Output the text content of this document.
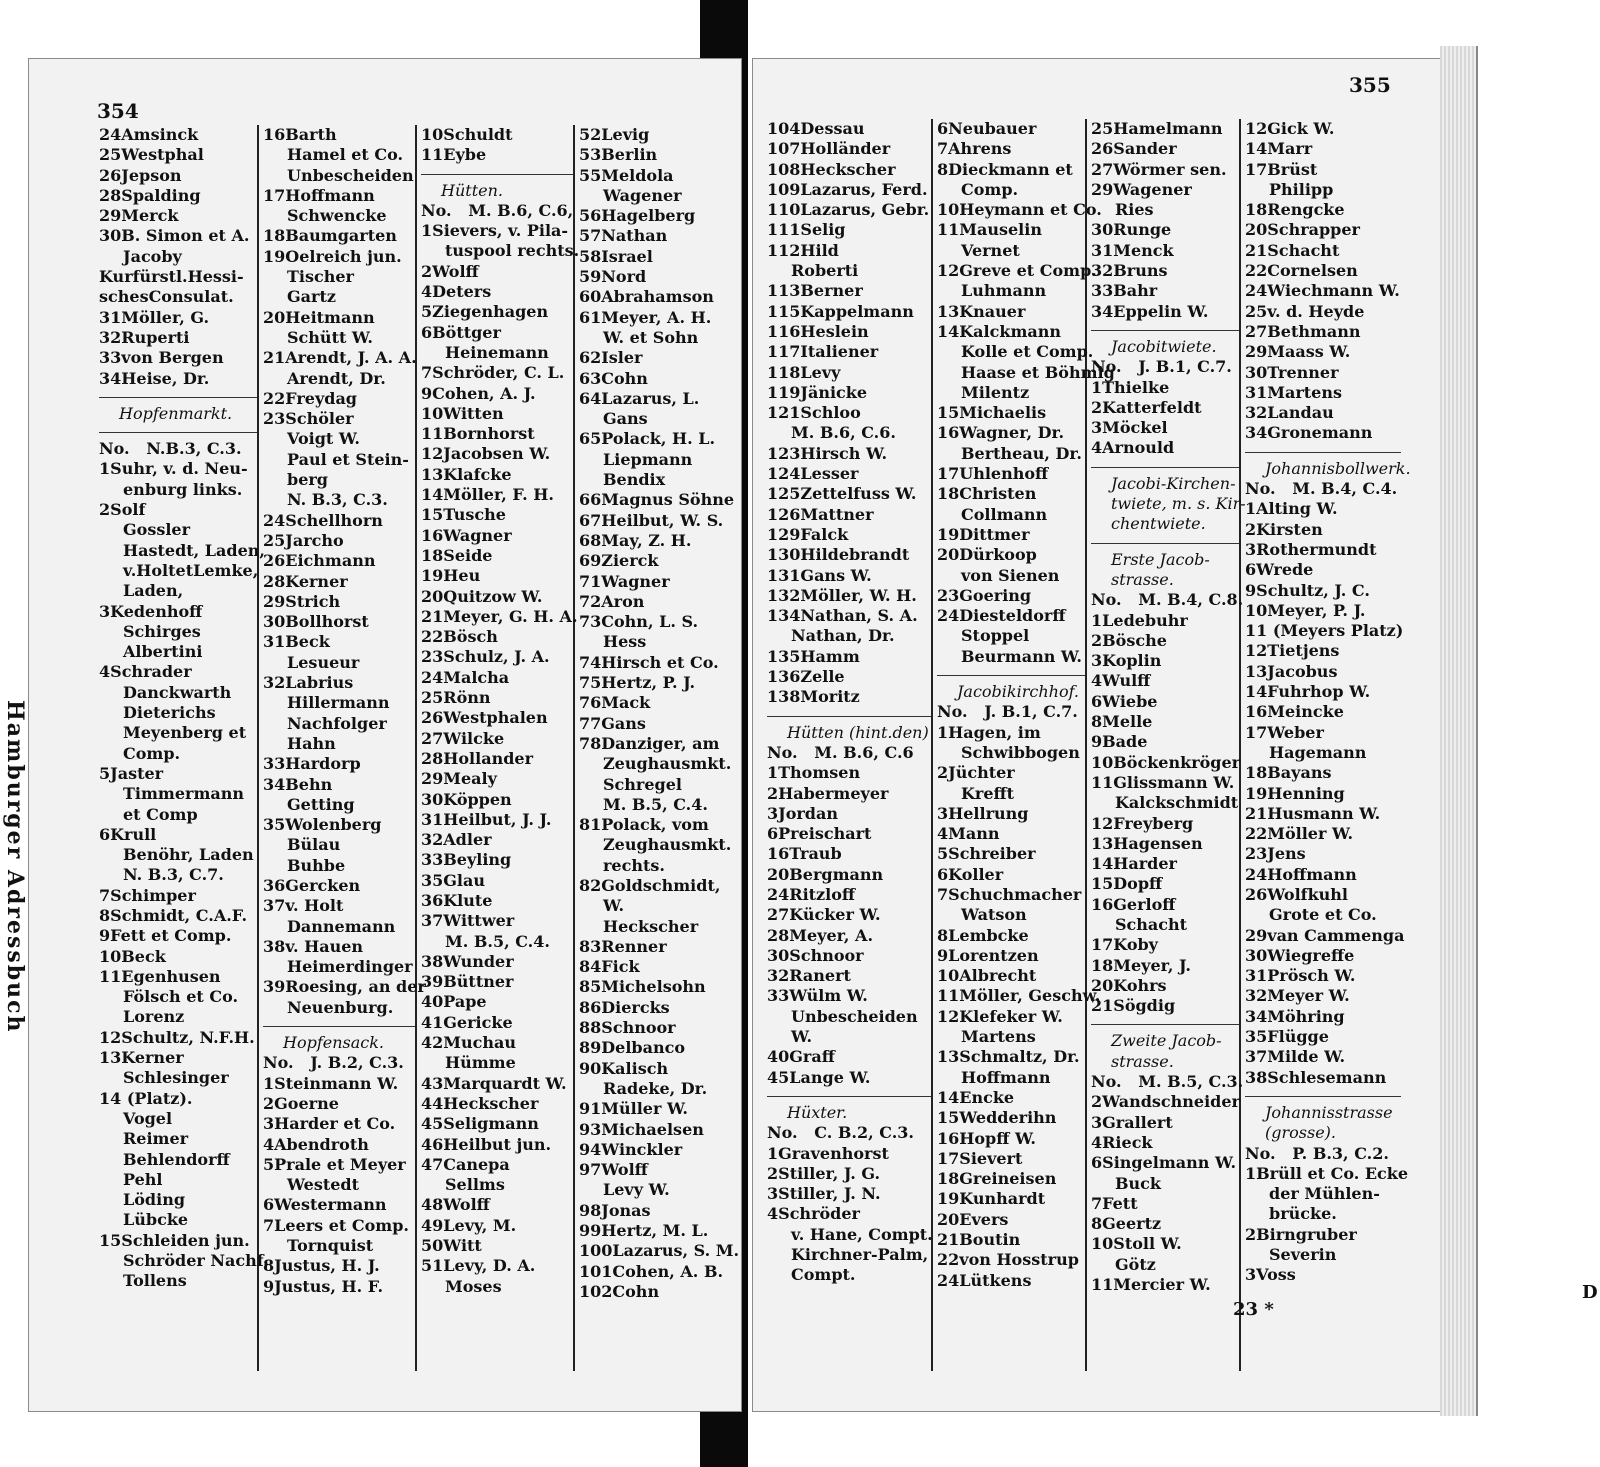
354
24Amsinck
25Westphal
26Jepson
28Spalding
29Merck
30B. Simon et A.
Jacoby
Kurfürstl.Hessi-
schesConsulat.
31Möller, G.
32Ruperti
33von Bergen
34Heise, Dr.
Hopfenmarkt.
No.   N.B.3, C.3.
1Suhr, v. d. Neu-
enburg links.
2Solf
Gossler
Hastedt, Laden,
v.HoltetLemke,
Laden,
3Kedenhoff
Schirges
Albertini
4Schrader
Danckwarth
Dieterichs
Meyenberg et
Comp.
5Jaster
Timmermann
et Comp
6Krull
Benöhr, Laden
N. B.3, C.7.
7Schimper
8Schmidt, C.A.F.
9Fett et Comp.
10Beck
11Egenhusen
Fölsch et Co.
Lorenz
12Schultz, N.F.H.
13Kerner
Schlesinger
14 (Platz).
Vogel
Reimer
Behlendorff
Pehl
Löding
Lübcke
15Schleiden jun.
Schröder Nachf.
Tollens
16Barth
Hamel et Co.
Unbescheiden
17Hoffmann
Schwencke
18Baumgarten
19Oelreich jun.
Tischer
Gartz
20Heitmann
Schütt W.
21Arendt, J. A. A.
Arendt, Dr.
22Freydag
23Schöler
Voigt W.
Paul et Stein-
berg
N. B.3, C.3.
24Schellhorn
25Jarcho
26Eichmann
28Kerner
29Strich
30Bollhorst
31Beck
Lesueur
32Labrius
Hillermann
Nachfolger
Hahn
33Hardorp
34Behn
Getting
35Wolenberg
Bülau
Buhbe
36Gercken
37v. Holt
Dannemann
38v. Hauen
Heimerdinger
39Roesing, an der
Neuenburg.
Hopfensack.
No.   J. B.2, C.3.
1Steinmann W.
2Goerne
3Harder et Co.
4Abendroth
5Prale et Meyer
Westedt
6Westermann
7Leers et Comp.
Tornquist
8Justus, H. J.
9Justus, H. F.
10Schuldt
11Eybe
Hütten.
No.   M. B.6, C.6,
1Sievers, v. Pila-
tuspool rechts.
2Wolff
4Deters
5Ziegenhagen
6Böttger
Heinemann
7Schröder, C. L.
9Cohen, A. J.
10Witten
11Bornhorst
12Jacobsen W.
13Klafcke
14Möller, F. H.
15Tusche
16Wagner
18Seide
19Heu
20Quitzow W.
21Meyer, G. H. A.
22Bösch
23Schulz, J. A.
24Malcha
25Rönn
26Westphalen
27Wilcke
28Hollander
29Mealy
30Köppen
31Heilbut, J. J.
32Adler
33Beyling
35Glau
36Klute
37Wittwer
M. B.5, C.4.
38Wunder
39Büttner
40Pape
41Gericke
42Muchau
Hümme
43Marquardt W.
44Heckscher
45Seligmann
46Heilbut jun.
47Canepa
Sellms
48Wolff
49Levy, M.
50Witt
51Levy, D. A.
Moses
52Levig
53Berlin
55Meldola
Wagener
56Hagelberg
57Nathan
58Israel
59Nord
60Abrahamson
61Meyer, A. H.
W. et Sohn
62Isler
63Cohn
64Lazarus, L.
Gans
65Polack, H. L.
Liepmann
Bendix
66Magnus Söhne
67Heilbut, W. S.
68May, Z. H.
69Zierck
71Wagner
72Aron
73Cohn, L. S.
Hess
74Hirsch et Co.
75Hertz, P. J.
76Mack
77Gans
78Danziger, am
Zeughausmkt.
Schregel
M. B.5, C.4.
81Polack, vom
Zeughausmkt.
rechts.
82Goldschmidt,
W.
Heckscher
83Renner
84Fick
85Michelsohn
86Diercks
88Schnoor
89Delbanco
90Kalisch
Radeke, Dr.
91Müller W.
93Michaelsen
94Winckler
97Wolff
Levy W.
98Jonas
99Hertz, M. L.
100Lazarus, S. M.
101Cohen, A. B.
102Cohn
355
104Dessau
107Holländer
108Heckscher
109Lazarus, Ferd.
110Lazarus, Gebr.
111Selig
112Hild
Roberti
113Berner
115Kappelmann
116Heslein
117Italiener
118Levy
119Jänicke
121Schloo
M. B.6, C.6.
123Hirsch W.
124Lesser
125Zettelfuss W.
126Mattner
129Falck
130Hildebrandt
131Gans W.
132Möller, W. H.
134Nathan, S. A.
Nathan, Dr.
135Hamm
136Zelle
138Moritz
Hütten (hint.den)
No.   M. B.6, C.6
1Thomsen
2Habermeyer
3Jordan
6Preischart
16Traub
20Bergmann
24Ritzloff
27Kücker W.
28Meyer, A.
30Schnoor
32Ranert
33Wülm W.
Unbescheiden
W.
40Graff
45Lange W.
Hüxter.
No.   C. B.2, C.3.
1Gravenhorst
2Stiller, J. G.
3Stiller, J. N.
4Schröder
v. Hane, Compt.
Kirchner-Palm,
Compt.
6Neubauer
7Ahrens
8Dieckmann et
Comp.
10Heymann et Co.
11Mauselin
Vernet
12Greve et Comp.
Luhmann
13Knauer
14Kalckmann
Kolle et Comp.
Haase et Böhmig
Milentz
15Michaelis
16Wagner, Dr.
Bertheau, Dr.
17Uhlenhoff
18Christen
Collmann
19Dittmer
20Dürkoop
von Sienen
23Goering
24Diesteldorff
Stoppel
Beurmann W.
Jacobikirchhof.
No.   J. B.1, C.7.
1Hagen, im
Schwibbogen
2Jüchter
Krefft
3Hellrung
4Mann
5Schreiber
6Koller
7Schuchmacher
Watson
8Lembcke
9Lorentzen
10Albrecht
11Möller, Geschw.
12Klefeker W.
Martens
13Schmaltz, Dr.
Hoffmann
14Encke
15Wedderihn
16Hopff W.
17Sievert
18Greineisen
19Kunhardt
20Evers
21Boutin
22von Hosstrup
24Lütkens
25Hamelmann
26Sander
27Wörmer sen.
29Wagener
Ries
30Runge
31Menck
32Bruns
33Bahr
34Eppelin W.
Jacobitwiete.
No.   J. B.1, C.7.
1Thielke
2Katterfeldt
3Möckel
4Arnould
Jacobi-Kirchen-
twiete, m. s. Kir-
chentwiete.
Erste Jacob-
strasse.
No.   M. B.4, C.8.
1Ledebuhr
2Bösche
3Koplin
4Wulff
6Wiebe
8Melle
9Bade
10Böckenkröger
11Glissmann W.
Kalckschmidt
12Freyberg
13Hagensen
14Harder
15Dopff
16Gerloff
Schacht
17Koby
18Meyer, J.
20Kohrs
21Sögdig
Zweite Jacob-
strasse.
No.   M. B.5, C.3.
2Wandschneider
3Grallert
4Rieck
6Singelmann W.
Buck
7Fett
8Geertz
10Stoll W.
Götz
11Mercier W.
12Gick W.
14Marr
17Brüst
Philipp
18Rengcke
20Schrapper
21Schacht
22Cornelsen
24Wiechmann W.
25v. d. Heyde
27Bethmann
29Maass W.
30Trenner
31Martens
32Landau
34Gronemann
Johannisbollwerk.
No.   M. B.4, C.4.
1Alting W.
2Kirsten
3Rothermundt
6Wrede
9Schultz, J. C.
10Meyer, P. J.
11 (Meyers Platz)
12Tietjens
13Jacobus
14Fuhrhop W.
16Meincke
17Weber
Hagemann
18Bayans
19Henning
21Husmann W.
22Möller W.
23Jens
24Hoffmann
26Wolfkuhl
Grote et Co.
29van Cammenga
30Wiegreffe
31Prösch W.
32Meyer W.
34Möhring
35Flügge
37Milde W.
38Schlesemann
Johannisstrasse
(grosse).
No.   P. B.3, C.2.
1Brüll et Co. Ecke
der Mühlen-
brücke.
2Birngruber
Severin
3Voss
23 *
Hamburger Adressbuch
D
